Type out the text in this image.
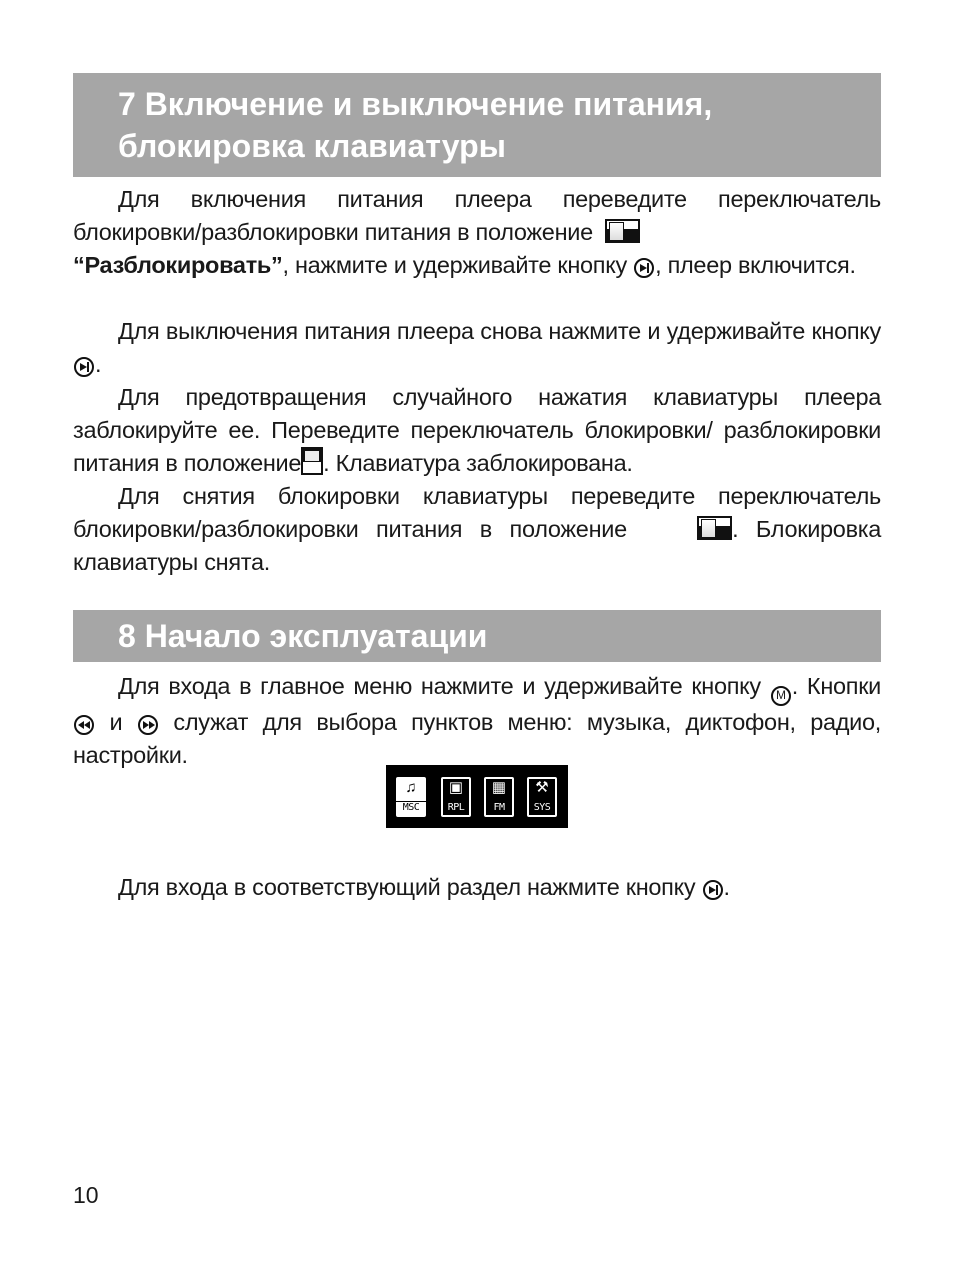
7 Включение и выключение питания,
блокировка клавиатуры
Для включения питания плеера переведите переключатель блокировки/разблокировки питания в положение
“Разблокировать”, нажмите и удерживайте кнопку , плеер включится.
Для выключения питания плеера снова нажмите и удерживайте кнопку .
Для предотвращения случайного нажатия клавиатуры плеера заблокируйте ее. Переведите переключатель блокировки/ разблокировки питания в положение . Клавиатура заблокирована.
Для снятия блокировки клавиатуры переведите переключатель блокировки/разблокировки питания в положение	. Блокировка клавиатуры снята.
8 Начало эксплуатации
Для входа в главное меню нажмите и удерживайте кнопку M . Кнопки  и служат для выбора пунктов меню: музыка, диктофон, радио, настройки.
♫
MSC
▣
RPL
▦
FM
⚒
SYS
Для входа в соответствующий раздел нажмите кнопку .
10
